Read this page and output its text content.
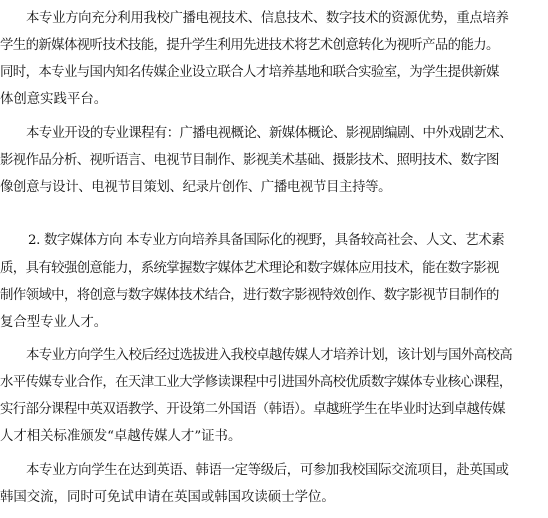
本专业方向充分利用我校广播电视技术、信息技术、数字技术的资源优势，重点培养
学生的新媒体视听技术技能，提升学生利用先进技术将艺术创意转化为视听产品的能力。
同时，本专业与国内知名传媒企业设立联合人才培养基地和联合实验室，为学生提供新媒
体创意实践平台。
本专业开设的专业课程有：广播电视概论、新媒体概论、影视剧编剧、中外戏剧艺术、
影视作品分析、视听语言、电视节目制作、影视美术基础、摄影技术、照明技术、数字图
像创意与设计、电视节目策划、纪录片创作、广播电视节目主持等。
2. 数字媒体方向 本专业方向培养具备国际化的视野，具备较高社会、人文、艺术素
质，具有较强创意能力，系统掌握数字媒体艺术理论和数字媒体应用技术，能在数字影视
制作领域中，将创意与数字媒体技术结合，进行数字影视特效创作、数字影视节目制作的
复合型专业人才。
本专业方向学生入校后经过选拔进入我校卓越传媒人才培养计划，该计划与国外高校高
水平传媒专业合作，在天津工业大学修读课程中引进国外高校优质数字媒体专业核心课程，
实行部分课程中英双语教学、开设第二外国语（韩语）。卓越班学生在毕业时达到卓越传媒
人才相关标准颁发“卓越传媒人才”证书。
本专业方向学生在达到英语、韩语一定等级后，可参加我校国际交流项目，赴英国或
韩国交流，同时可免试申请在英国或韩国攻读硕士学位。
